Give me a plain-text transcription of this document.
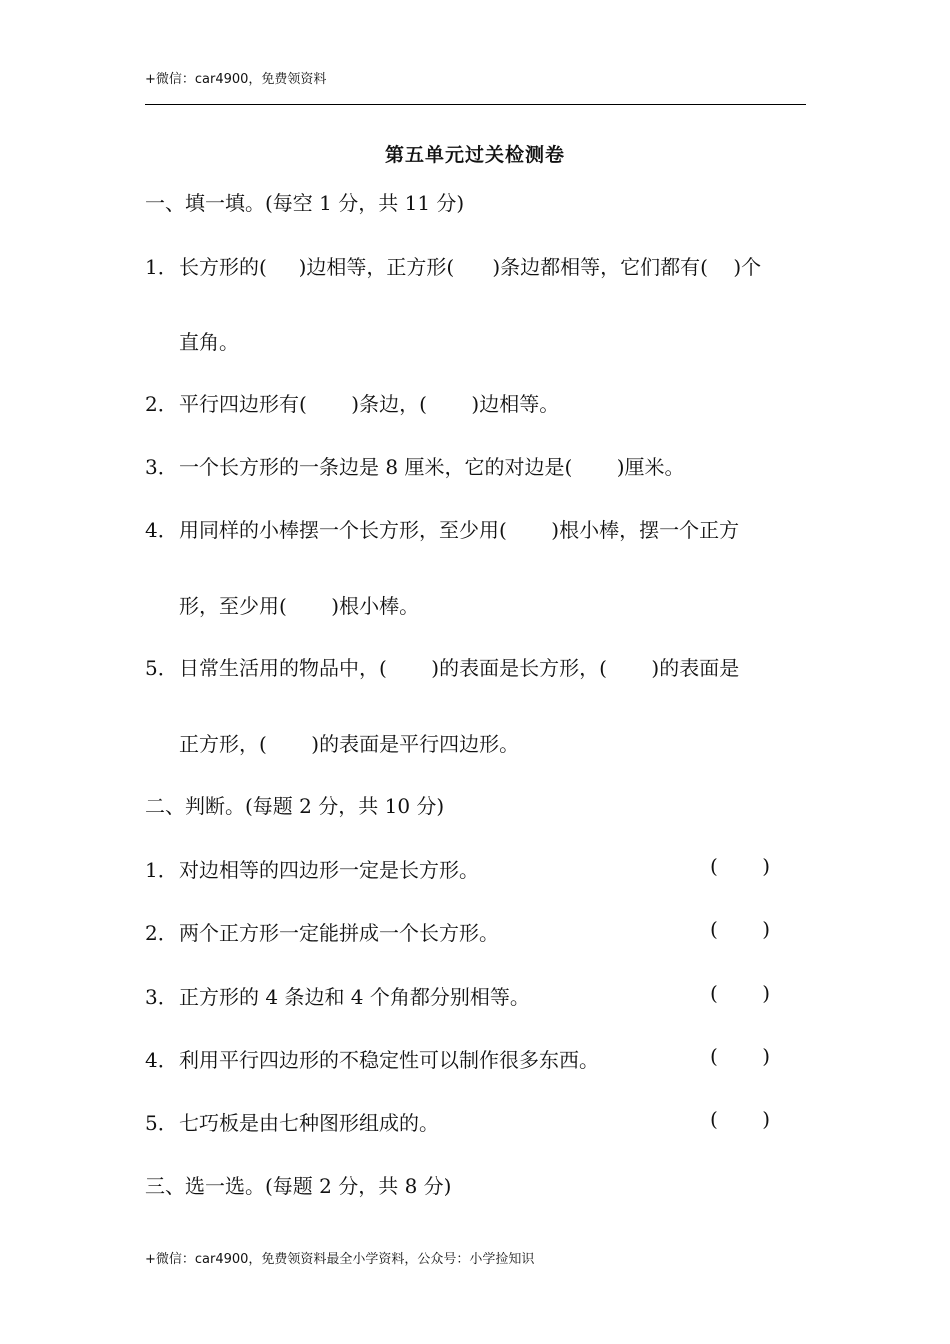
+微信：car4900，免费领资料
第五单元过关检测卷
一、填一填。(每空 1 分，共 11 分)
1．长方形的(     )边相等，正方形(      )条边都相等，它们都有(    )个
直角。
2．平行四边形有(       )条边，(       )边相等。
3．一个长方形的一条边是 8 厘米，它的对边是(       )厘米。
4．用同样的小棒摆一个长方形，至少用(       )根小棒，摆一个正方
形，至少用(       )根小棒。
5．日常生活用的物品中，(       )的表面是长方形，(       )的表面是
正方形，(       )的表面是平行四边形。
二、判断。(每题 2 分，共 10 分)
1．对边相等的四边形一定是长方形。	(       )
2．两个正方形一定能拼成一个长方形。	(       )
3．正方形的 4 条边和 4 个角都分别相等。	(       )
4．利用平行四边形的不稳定性可以制作很多东西。	(       )
5．七巧板是由七种图形组成的。	(       )
三、选一选。(每题 2 分，共 8 分)
+微信：car4900，免费领资料最全小学资料，公众号：小学捡知识
